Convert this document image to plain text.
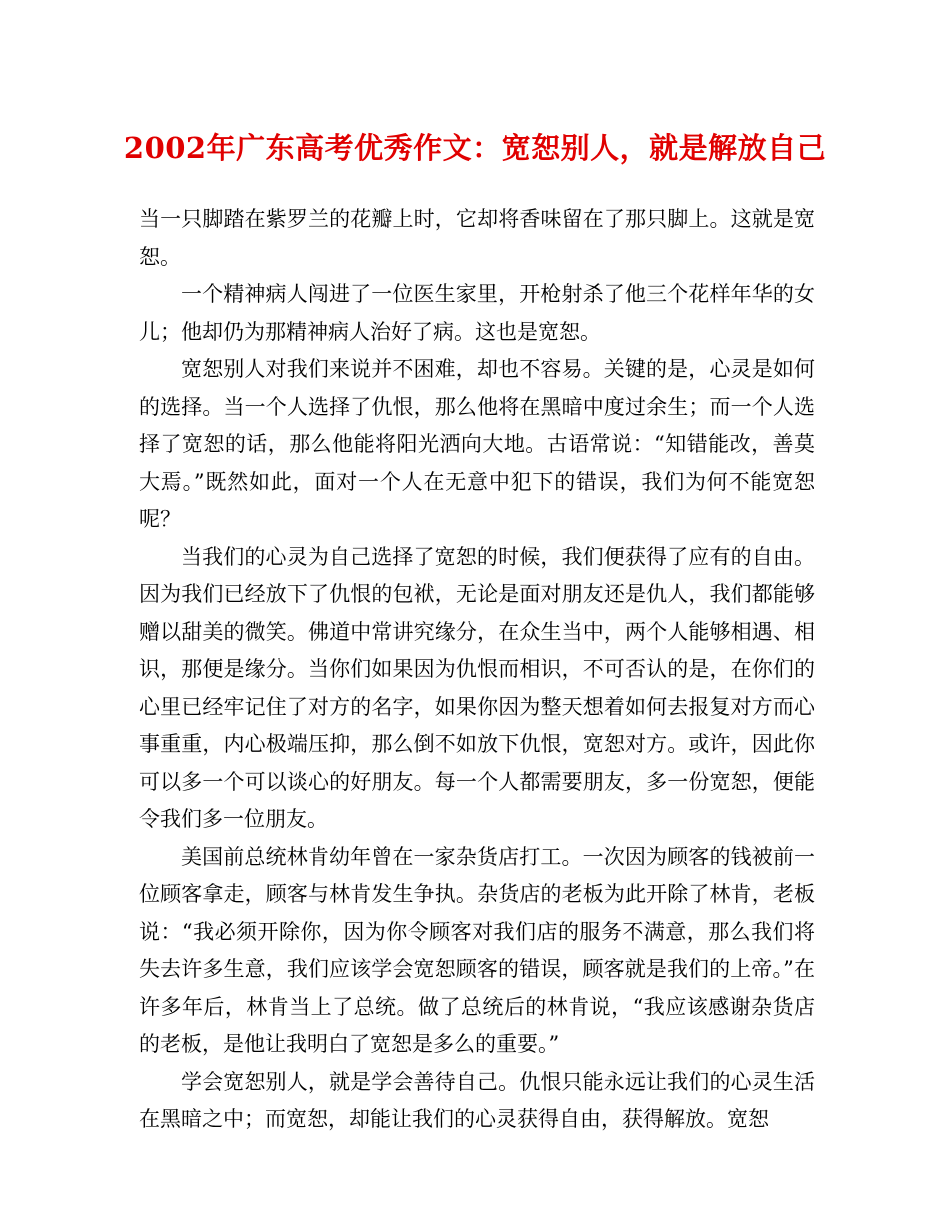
2002年广东高考优秀作文：宽恕别人，就是解放自己

当一只脚踏在紫罗兰的花瓣上时，它却将香味留在了那只脚上。这就是宽恕。

一个精神病人闯进了一位医生家里，开枪射杀了他三个花样年华的女儿；他却仍为那精神病人治好了病。这也是宽恕。

宽恕别人对我们来说并不困难，却也不容易。关键的是，心灵是如何的选择。当一个人选择了仇恨，那么他将在黑暗中度过余生；而一个人选择了宽恕的话，那么他能将阳光洒向大地。古语常说：“知错能改，善莫大焉。”既然如此，面对一个人在无意中犯下的错误，我们为何不能宽恕呢？

当我们的心灵为自己选择了宽恕的时候，我们便获得了应有的自由。因为我们已经放下了仇恨的包袱，无论是面对朋友还是仇人，我们都能够赠以甜美的微笑。佛道中常讲究缘分，在众生当中，两个人能够相遇、相识，那便是缘分。当你们如果因为仇恨而相识，不可否认的是，在你们的心里已经牢记住了对方的名字，如果你因为整天想着如何去报复对方而心事重重，内心极端压抑，那么倒不如放下仇恨，宽恕对方。或许，因此你可以多一个可以谈心的好朋友。每一个人都需要朋友，多一份宽恕，便能令我们多一位朋友。

美国前总统林肯幼年曾在一家杂货店打工。一次因为顾客的钱被前一位顾客拿走，顾客与林肯发生争执。杂货店的老板为此开除了林肯，老板说：“我必须开除你，因为你令顾客对我们店的服务不满意，那么我们将失去许多生意，我们应该学会宽恕顾客的错误，顾客就是我们的上帝。”在许多年后，林肯当上了总统。做了总统后的林肯说，“我应该感谢杂货店的老板，是他让我明白了宽恕是多么的重要。”

学会宽恕别人，就是学会善待自己。仇恨只能永远让我们的心灵生活在黑暗之中；而宽恕，却能让我们的心灵获得自由，获得解放。宽恕
